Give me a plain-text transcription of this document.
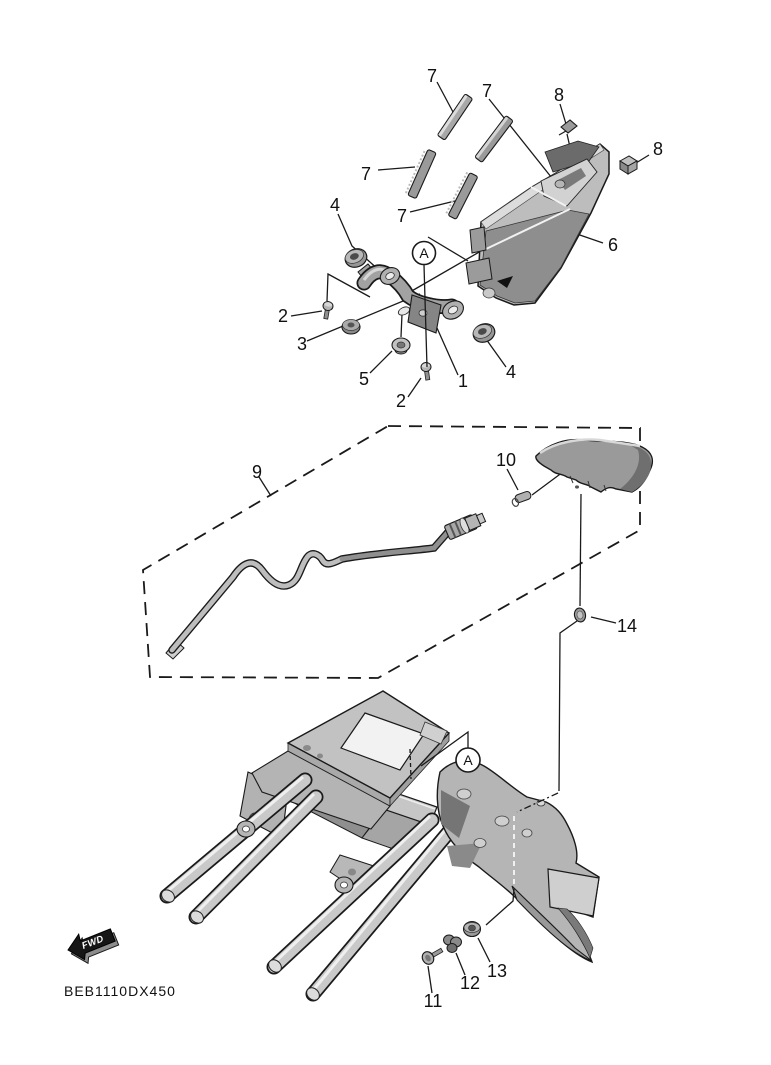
FWD
A
A
7
7	8
8
7
7
4
6
2
3
5
2
1 4
9
10
14
11
12
13
BEB1110DX450
